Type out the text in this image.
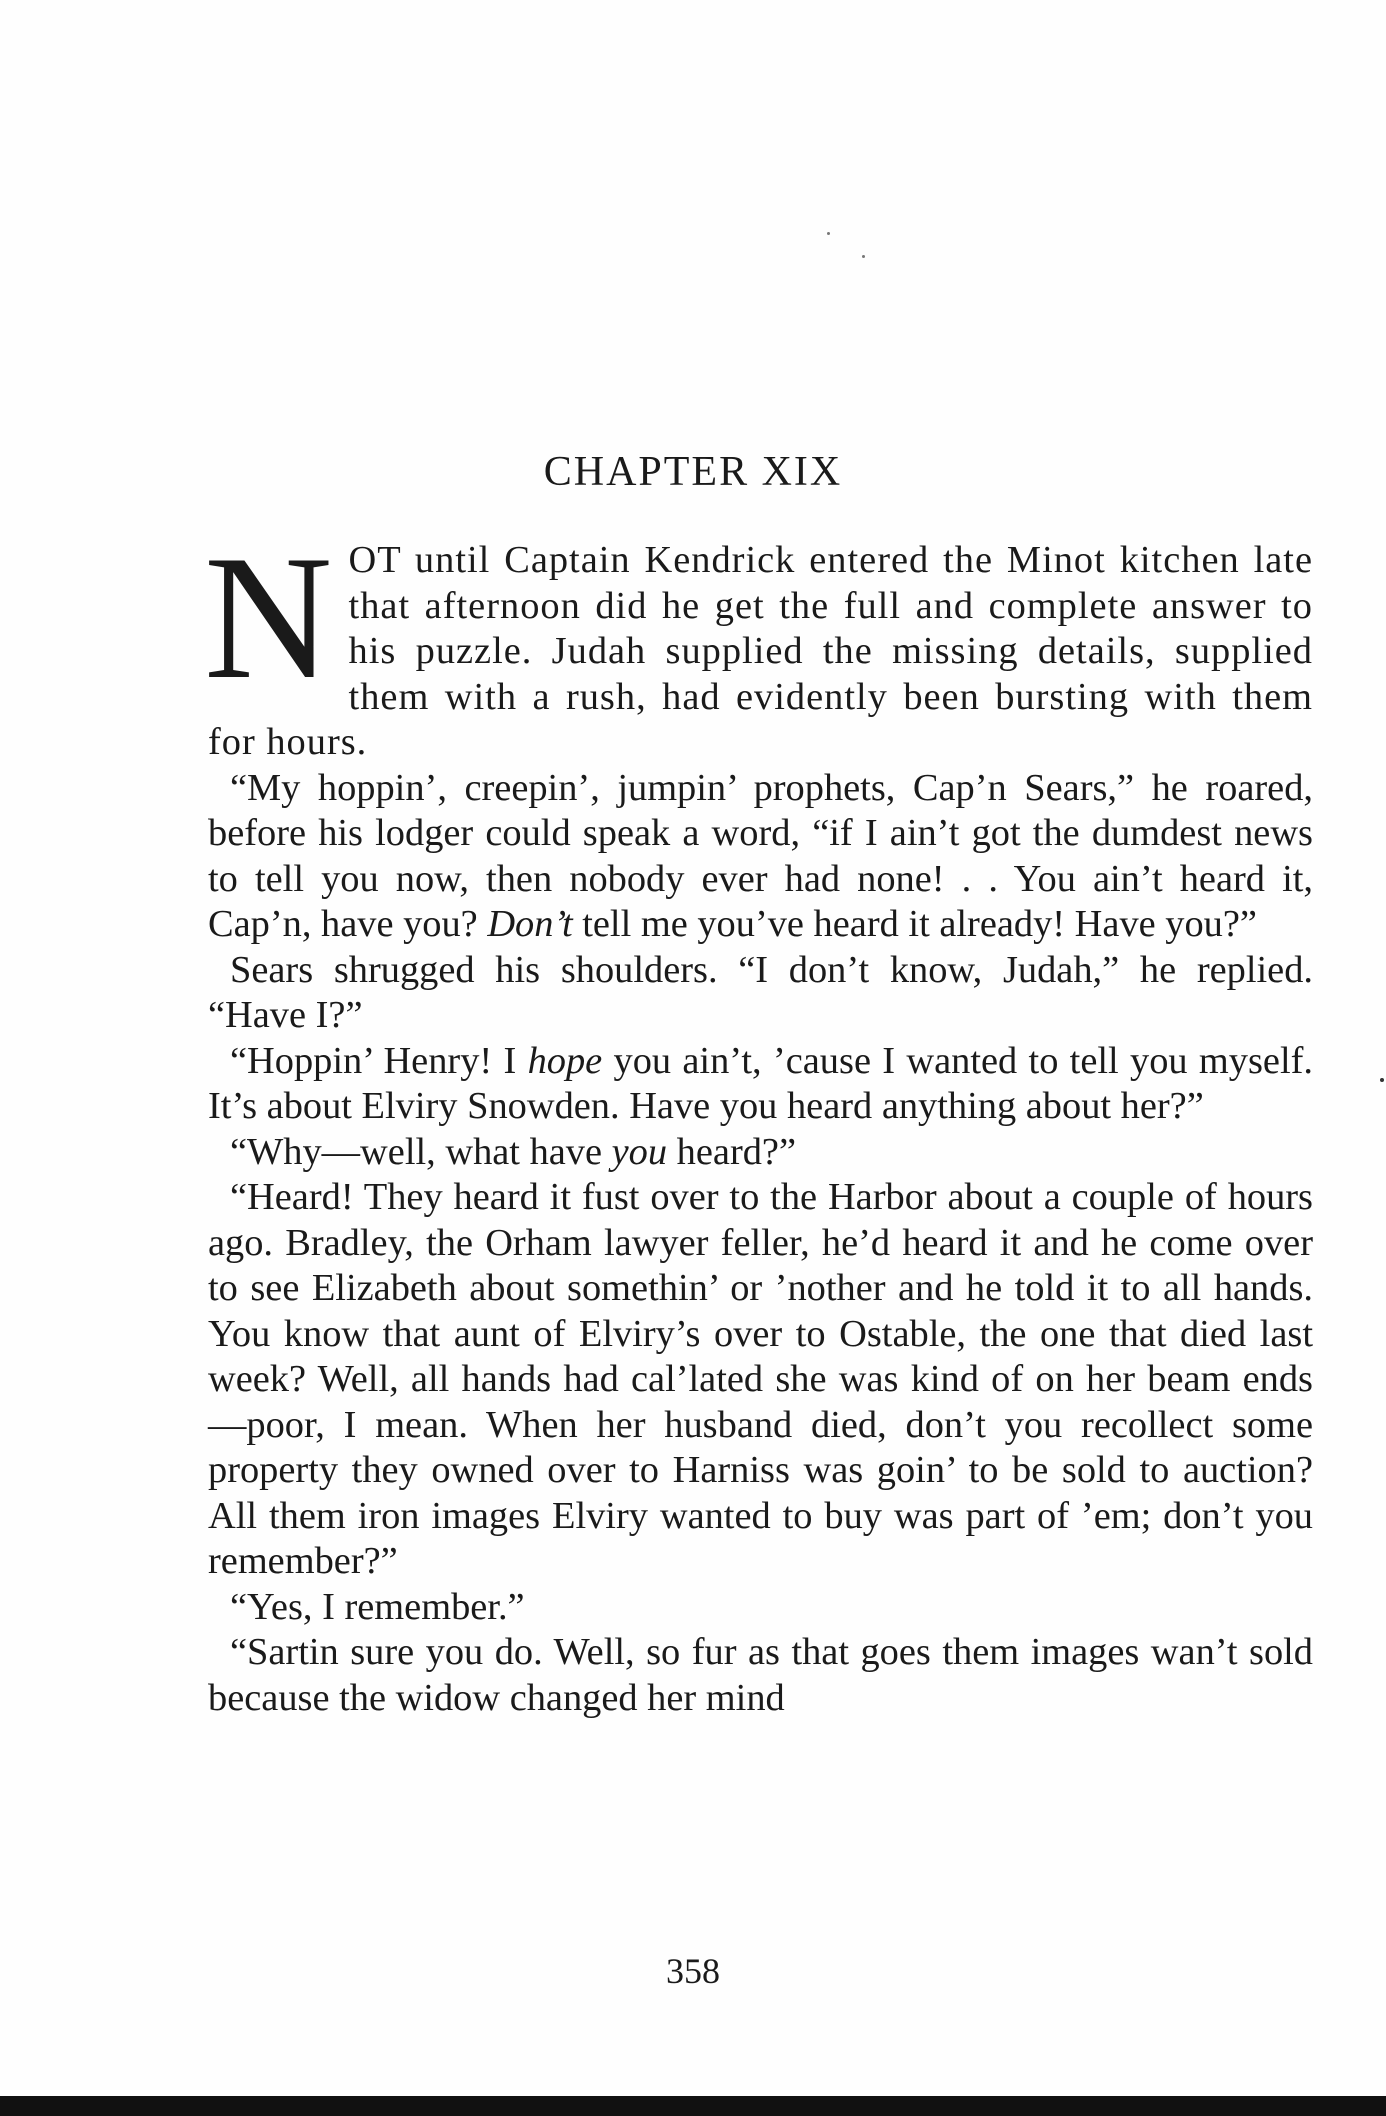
CHAPTER XIX

NOT until Captain Kendrick entered the Minot kitchen late that afternoon did he get the full and complete answer to his puzzle. Judah supplied the missing details, supplied them with a rush, had evidently been bursting with them for hours.

“My hoppin’, creepin’, jumpin’ prophets, Cap’n Sears,” he roared, before his lodger could speak a word, “if I ain’t got the dumdest news to tell you now, then nobody ever had none! . . You ain’t heard it, Cap’n, have you? Don’t tell me you’ve heard it already! Have you?”

Sears shrugged his shoulders. “I don’t know, Judah,” he replied. “Have I?”

“Hoppin’ Henry! I hope you ain’t, ’cause I wanted to tell you myself. It’s about Elviry Snowden. Have you heard anything about her?”

“Why—well, what have you heard?”

“Heard! They heard it fust over to the Harbor about a couple of hours ago. Bradley, the Orham lawyer feller, he’d heard it and he come over to see Elizabeth about somethin’ or ’nother and he told it to all hands. You know that aunt of Elviry’s over to Ostable, the one that died last week? Well, all hands had cal’lated she was kind of on her beam ends—poor, I mean. When her husband died, don’t you recollect some property they owned over to Harniss was goin’ to be sold to auction? All them iron images Elviry wanted to buy was part of ’em; don’t you remember?”

“Yes, I remember.”

“Sartin sure you do. Well, so fur as that goes them images wan’t sold because the widow changed her mind

358
